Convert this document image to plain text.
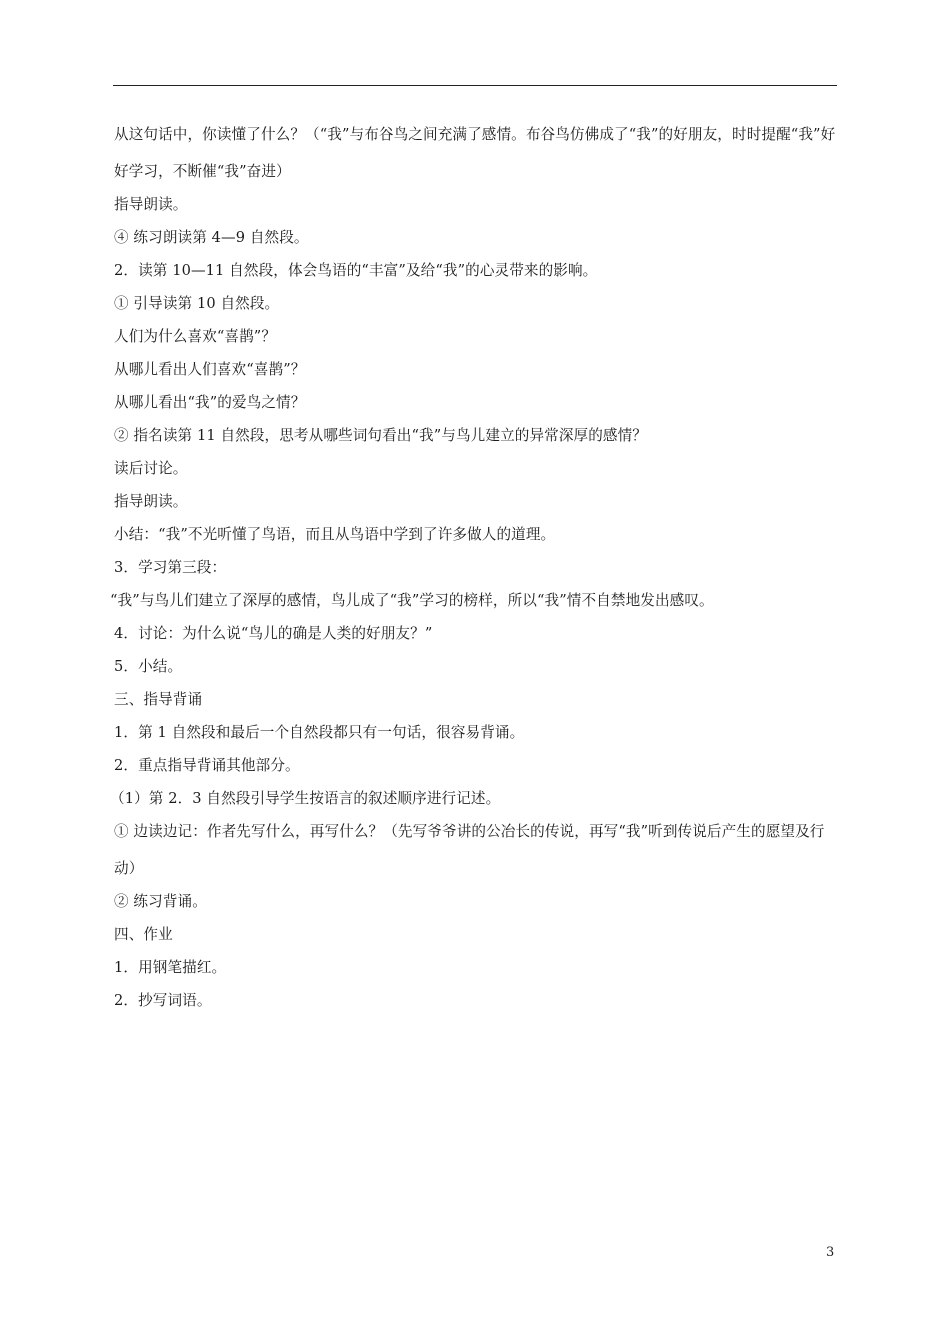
从这句话中，你读懂了什么？（“我”与布谷鸟之间充满了感情。布谷鸟仿佛成了“我”的好朋友，时时提醒“我”好好学习，不断催“我”奋进）

指导朗读。

④ 练习朗读第 4—9 自然段。

2．读第 10—11 自然段，体会鸟语的“丰富”及给“我”的心灵带来的影响。

① 引导读第 10 自然段。

人们为什么喜欢“喜鹊”？

从哪儿看出人们喜欢“喜鹊”？

从哪儿看出“我”的爱鸟之情？

② 指名读第 11 自然段，思考从哪些词句看出“我”与鸟儿建立的异常深厚的感情？

读后讨论。

指导朗读。

小结：“我”不光听懂了鸟语，而且从鸟语中学到了许多做人的道理。

3．学习第三段：

“我”与鸟儿们建立了深厚的感情，鸟儿成了“我”学习的榜样，所以“我”情不自禁地发出感叹。

4．讨论：为什么说“鸟儿的确是人类的好朋友？”

5．小结。

三、指导背诵

1．第 1 自然段和最后一个自然段都只有一句话，很容易背诵。

2．重点指导背诵其他部分。

（1）第 2．3 自然段引导学生按语言的叙述顺序进行记述。

① 边读边记：作者先写什么，再写什么？（先写爷爷讲的公冶长的传说，再写“我”听到传说后产生的愿望及行动）

② 练习背诵。

四、作业

1．用钢笔描红。

2．抄写词语。

3
